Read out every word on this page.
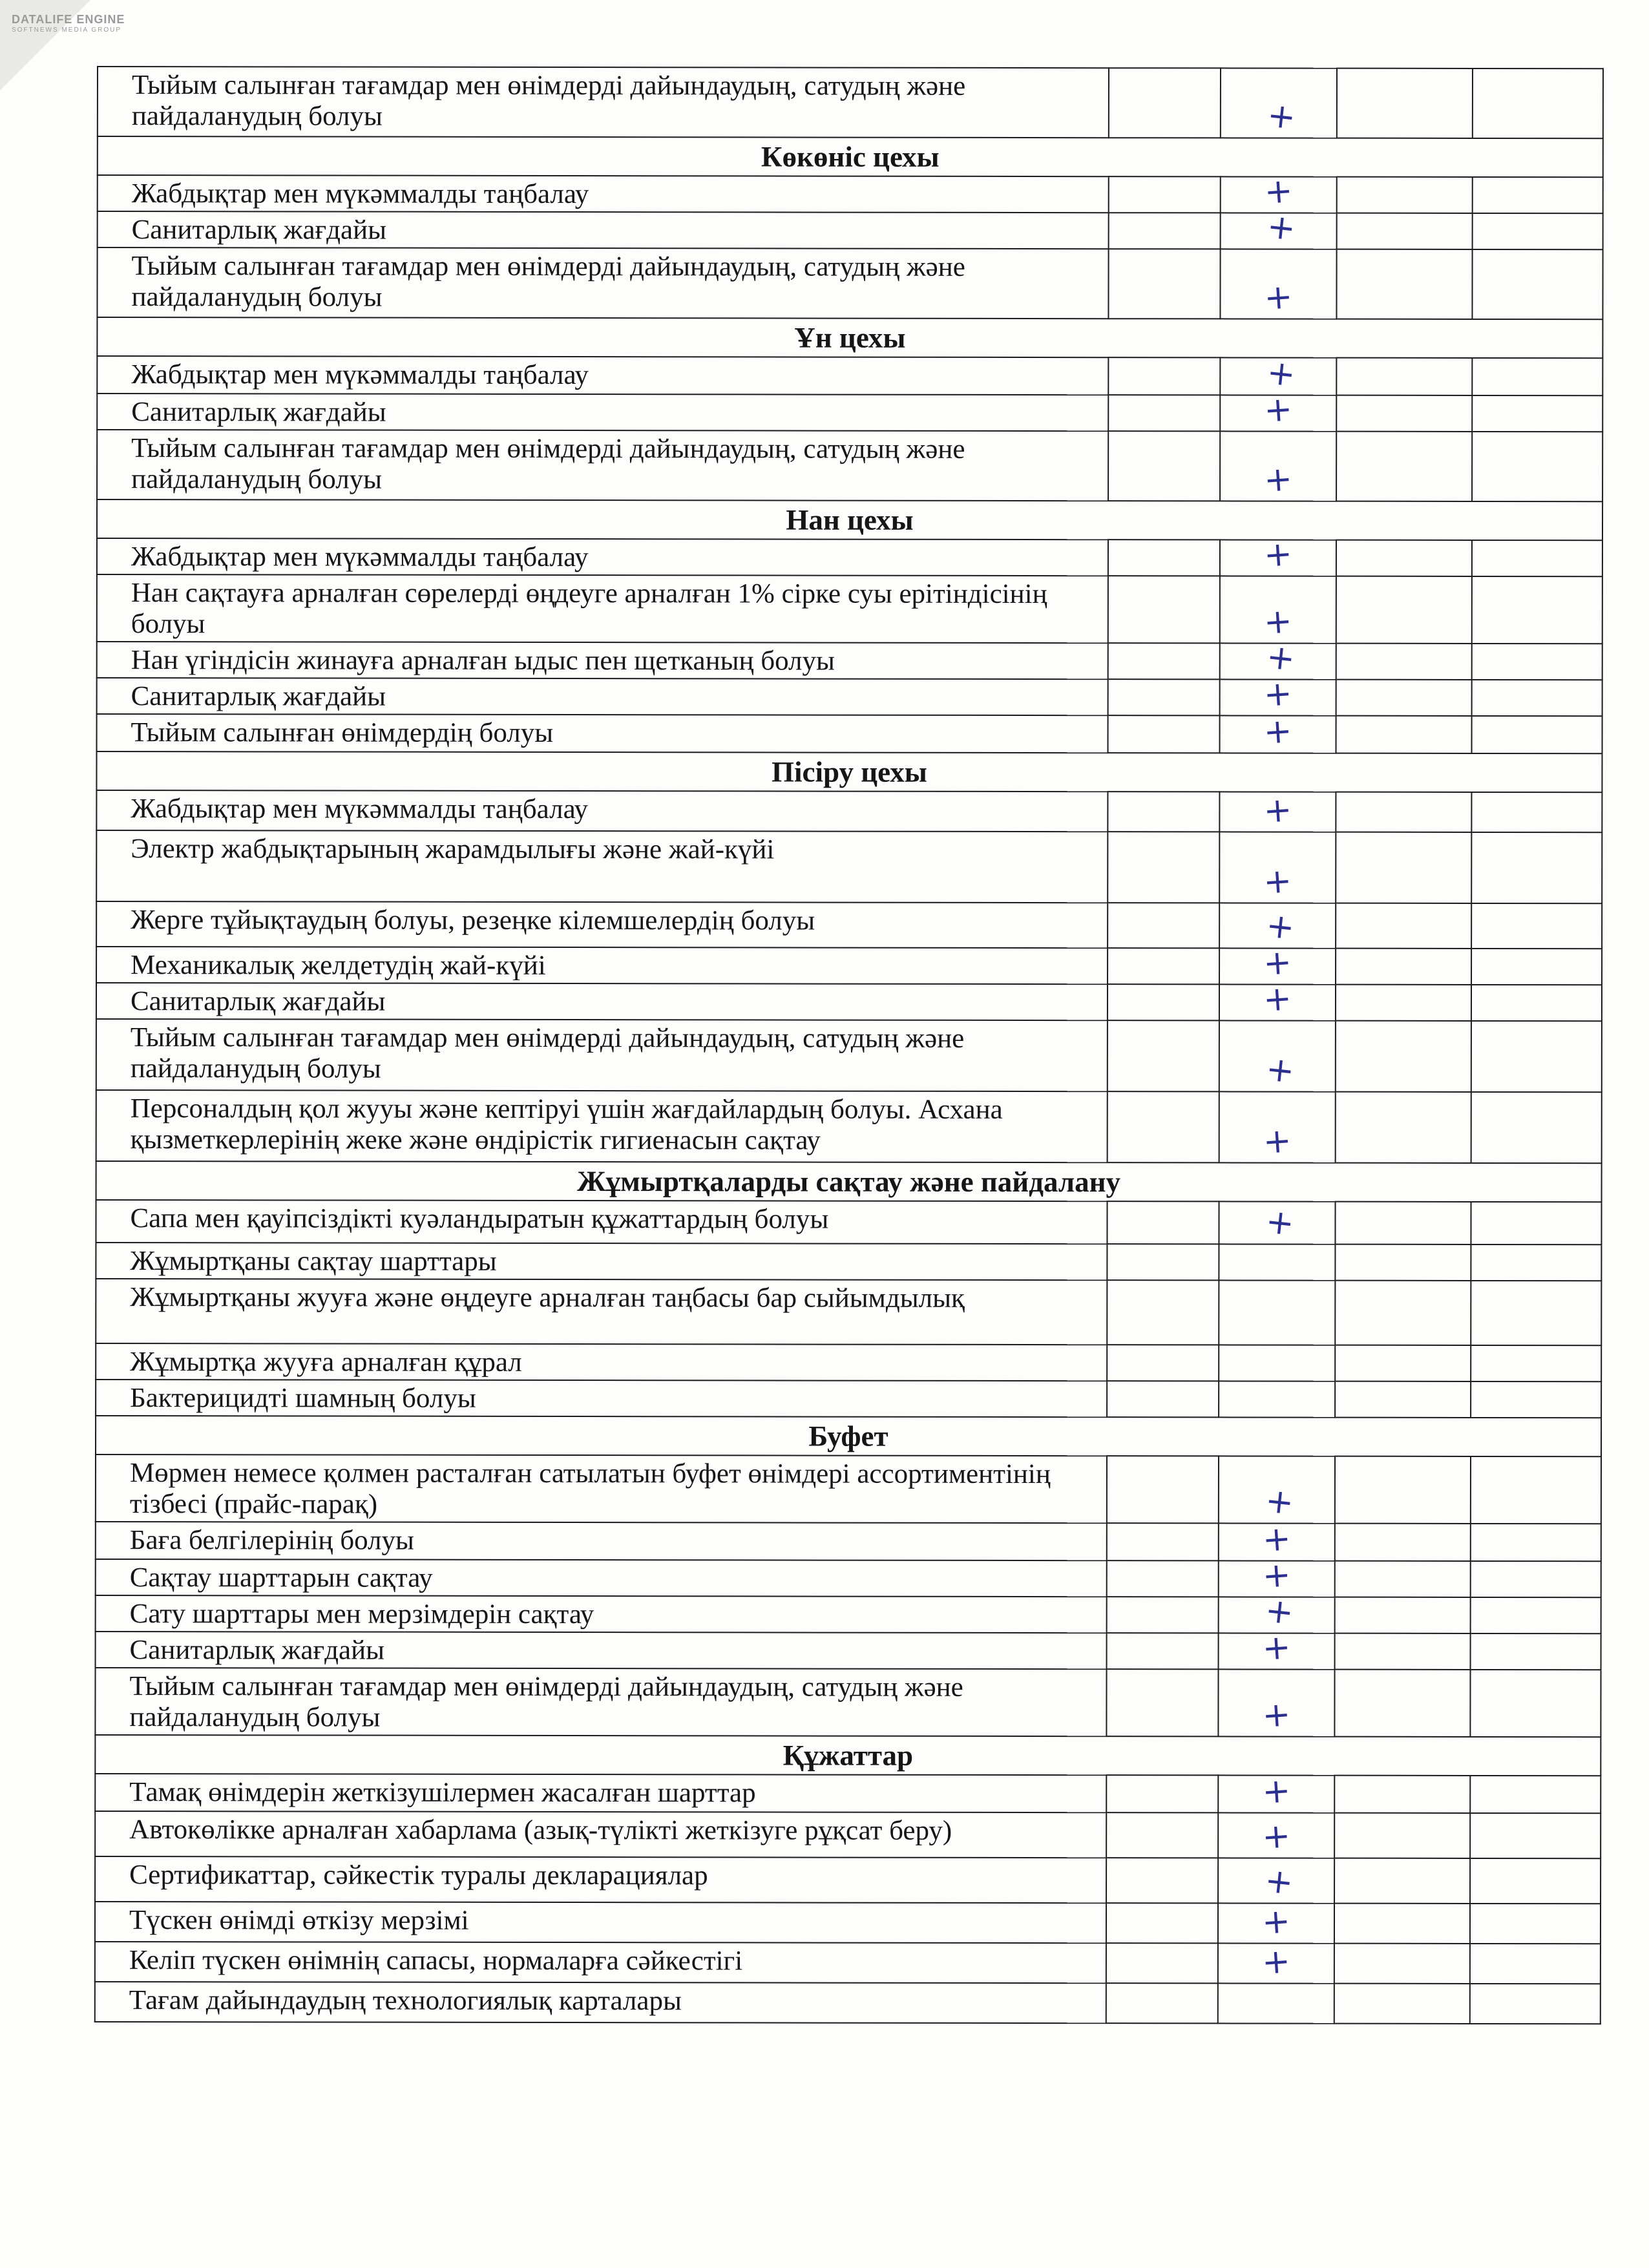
DATALIFE ENGINE
SOFTNEWS MEDIA GROUP
Тыйым салынған тағамдар мен өнімдерді дайындаудың, сатудың және пайдаланудың болуы		+		

Көкөніс цехы				
Жабдықтар мен мүкәммалды таңбалау		+		

Санитарлық жағдайы		+		

Тыйым салынған тағамдар мен өнімдерді дайындаудың, сатудың және пайдаланудың болуы		+		

Ұн цехы				
Жабдықтар мен мүкәммалды таңбалау		+		

Санитарлық жағдайы		+		

Тыйым салынған тағамдар мен өнімдерді дайындаудың, сатудың және пайдаланудың болуы		+		

Нан цехы				
Жабдықтар мен мүкәммалды таңбалау		+		

Нан сақтауға арналған сөрелерді өңдеуге арналған 1% сірке суы ерітіндісінің болуы		+		

Нан үгіндісін жинауға арналған ыдыс пен щетканың болуы		+		

Санитарлық жағдайы		+		

Тыйым салынған өнімдердің болуы		+		

Пісіру цехы				
Жабдықтар мен мүкәммалды таңбалау		+		

Электр жабдықтарының жарамдылығы және жай-күйі		+		

Жерге тұйықтаудың болуы, резеңке кілемшелердің болуы		+		

Механикалық желдетудің жай-күйі		+		

Санитарлық жағдайы		+		

Тыйым салынған тағамдар мен өнімдерді дайындаудың, сатудың және пайдаланудың болуы		+		

Персоналдың қол жууы және кептіруі үшін жағдайлардың болуы. Асхана қызметкерлерінің жеке және өндірістік гигиенасын сақтау		+		

Жұмыртқаларды сақтау және пайдалану				
Сапа мен қауіпсіздікті куәландыратын құжаттардың болуы		+		

Жұмыртқаны сақтау шарттары		

Жұмыртқаны жууға және өңдеуге арналған таңбасы бар сыйымдылық		

Жұмыртқа жууға арналған құрал		

Бактерицидті шамның болуы		

Буфет				
Мөрмен немесе қолмен расталған сатылатын буфет өнімдері ассортиментінің тізбесі (прайс-парақ)		+		

Баға белгілерінің болуы		+		

Сақтау шарттарын сақтау		+		

Сату шарттары мен мерзімдерін сақтау		+		

Санитарлық жағдайы		+		

Тыйым салынған тағамдар мен өнімдерді дайындаудың, сатудың және пайдаланудың болуы		+		

Құжаттар				
Тамақ өнімдерін жеткізушілермен жасалған шарттар		+		

Автокөлікке арналған хабарлама (азық-түлікті жеткізуге рұқсат беру)		+		

Сертификаттар, сәйкестік туралы декларациялар		+		

Түскен өнімді өткізу мерзімі		+		

Келіп түскен өнімнің сапасы, нормаларға сәйкестігі		+		

Тағам дайындаудың технологиялық карталары		
